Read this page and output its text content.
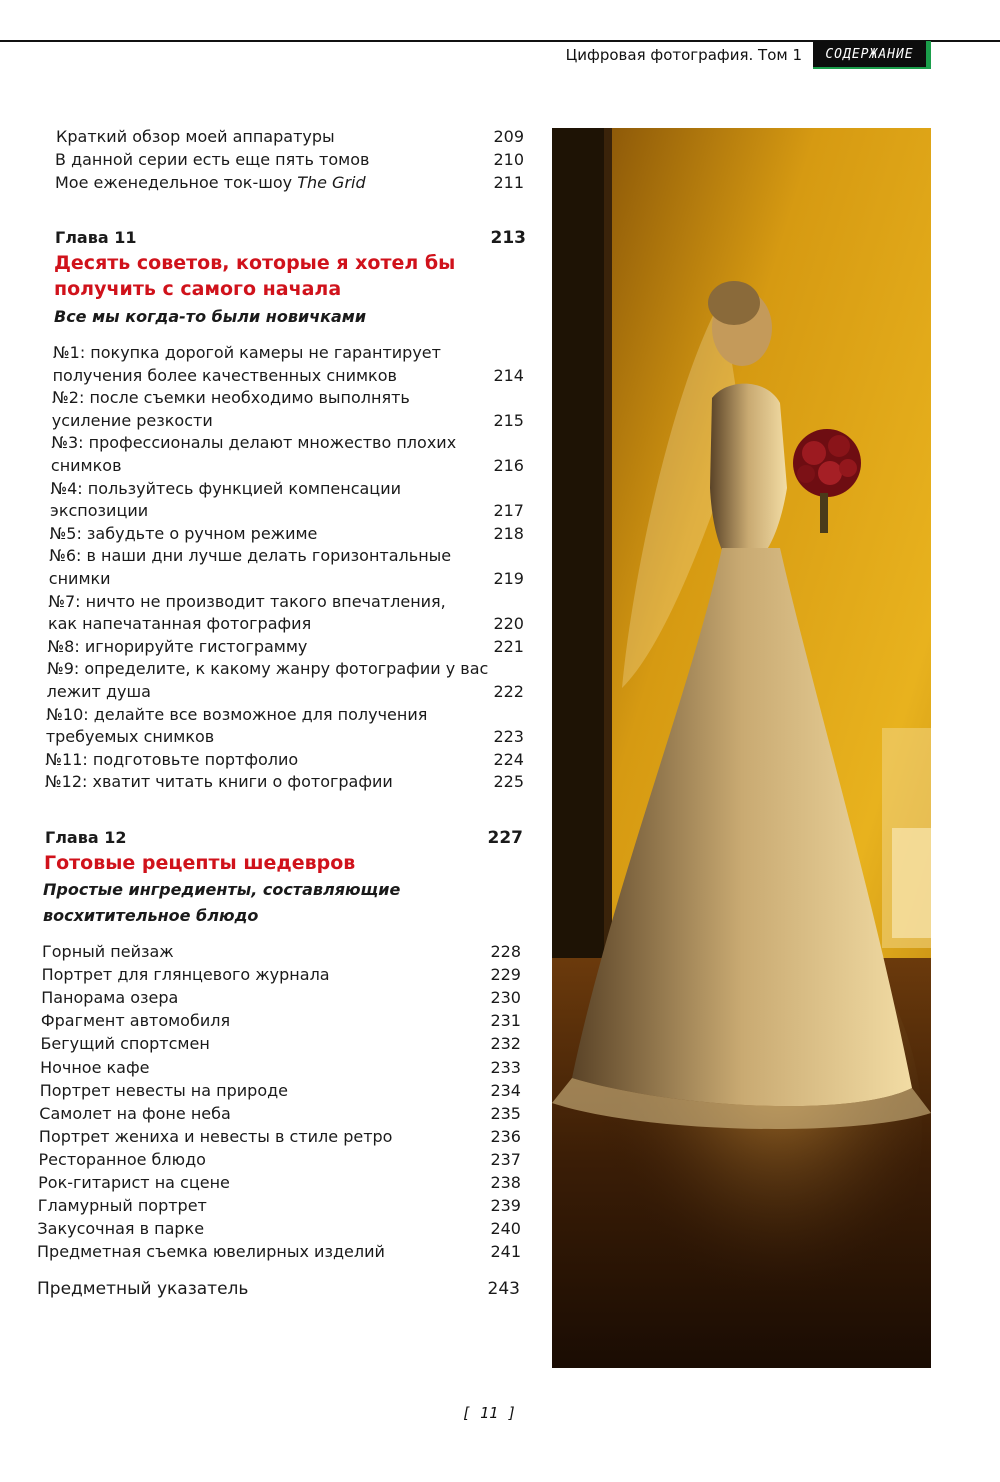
Цифровая фотография. Том 1	СОДЕРЖАНИЕ
Краткий обзор моей аппаратуры	209
В данной серии есть еще пять томов	210
Мое еженедельное ток-шоу The Grid	211
Глава 11	213
Десять советов, которые я хотел бы
получить с самого начала
Все мы когда-то были новичками
№1: покупка дорогой камеры не гарантирует
получения более качественных снимков	214
№2: после съемки необходимо выполнять
усиление резкости	215
№3: профессионалы делают множество плохих
снимков	216
№4: пользуйтесь функцией компенсации
экспозиции	217
№5: забудьте о ручном режиме	218
№6: в наши дни лучше делать горизонтальные
снимки	219
№7: ничто не производит такого впечатления,
как напечатанная фотография	220
№8: игнорируйте гистограмму	221
№9: определите, к какому жанру фотографии у вас
лежит душа	222
№10: делайте все возможное для получения
требуемых снимков	223
№11: подготовьте портфолио	224
№12: хватит читать книги о фотографии	225
Глава 12	227
Готовые рецепты шедевров
Простые ингредиенты, составляющие
восхитительное блюдо
Горный пейзаж	228
Портрет для глянцевого журнала	229
Панорама озера	230
Фрагмент автомобиля	231
Бегущий спортсмен	232
Ночное кафе	233
Портрет невесты на природе	234
Самолет на фоне неба	235
Портрет жениха и невесты в стиле ретро	236
Ресторанное блюдо	237
Рок-гитарист на сцене	238
Гламурный портрет	239
Закусочная в парке	240
Предметная съемка ювелирных изделий	241
Предметный указатель	243
[ 11 ]
